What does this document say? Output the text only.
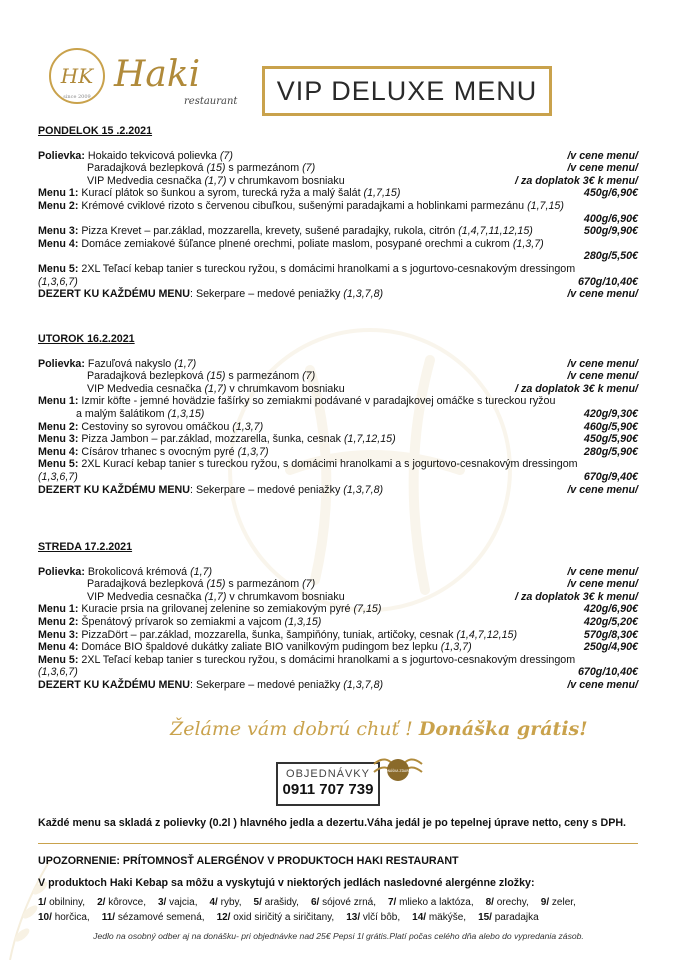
HK
since 2009
Haki
restaurant	VIP DELUXE MENU
PONDELOK 15 .2.2021
Polievka: Hokaido tekvicová polievka (7)	/v cene menu/
Paradajková bezlepková (15) s parmezánom (7)	/v cene menu/
VIP Medvedia cesnačka (1,7) v chrumkavom bosniaku	/ za doplatok 3€ k menu/
Menu 1: Kurací plátok so šunkou a syrom, turecká ryža a malý šalát (1,7,15)	450g/6,90€
Menu 2: Krémové cviklové rizoto s červenou cibuľkou, sušenými paradajkami a hoblinkami parmezánu (1,7,15)
400g/6,90€
Menu 3: Pizza Krevet – par.základ, mozzarella, krevety, sušené paradajky, rukola, citrón (1,4,7,11,12,15)	500g/9,90€
Menu 4: Domáce zemiakové šúľance plnené orechmi, poliate maslom, posypané orechmi a cukrom (1,3,7)
280g/5,50€
Menu 5: 2XL Teľací kebap tanier s tureckou ryžou, s domácimi hranolkami a s jogurtovo-cesnakovým dressingom
(1,3,6,7)	670g/10,40€
DEZERT KU KAŽDÉMU MENU: Sekerpare – medové peniažky (1,3,7,8)	/v cene menu/
UTOROK 16.2.2021
Polievka: Fazuľová nakyslo (1,7)	/v cene menu/
Paradajková bezlepková (15) s parmezánom (7)	/v cene menu/
VIP Medvedia cesnačka (1,7) v chrumkavom bosniaku	/ za doplatok 3€ k menu/
Menu 1: Izmir köfte - jemné hovädzie fašírky so zemiakmi podávané v paradajkovej omáčke s tureckou ryžou
a malým šalátikom (1,3,15)	420g/9,30€
Menu 2: Cestoviny so syrovou omáčkou (1,3,7)	460g/5,90€
Menu 3: Pizza Jambon – par.základ, mozzarella, šunka, cesnak (1,7,12,15)	450g/5,90€
Menu 4: Císárov trhanec s ovocným pyré (1,3,7)	280g/5,90€
Menu 5: 2XL Kurací kebap tanier s tureckou ryžou, s domácimi hranolkami a s jogurtovo-cesnakovým dressingom
(1,3,6,7)	670g/9,40€
DEZERT KU KAŽDÉMU MENU: Sekerpare – medové peniažky (1,3,7,8)	/v cene menu/
STREDA 17.2.2021
Polievka: Brokolicová krémová (1,7)	/v cene menu/
Paradajková bezlepková (15) s parmezánom (7)	/v cene menu/
VIP Medvedia cesnačka (1,7) v chrumkavom bosniaku	/ za doplatok 3€ k menu/
Menu 1: Kuracie prsia na grilovanej zelenine so zemiakovým pyré (7,15)	420g/6,90€
Menu 2: Špenátový prívarok so zemiakmi a vajcom (1,3,15)	420g/5,20€
Menu 3: PizzaDört – par.základ, mozzarella, šunka, šampiňóny, tuniak, artičoky, cesnak (1,4,7,12,15)	570g/8,30€
Menu 4: Domáce BIO špaldové dukátky zaliate BIO vanilkovým pudingom bez lepku (1,3,7)	250g/4,90€
Menu 5: 2XL Teľací kebap tanier s tureckou ryžou, s domácimi hranolkami a s jogurtovo-cesnakovým dressingom
(1,3,6,7)	670g/10,40€
DEZERT KU KAŽDÉMU MENU: Sekerpare – medové peniažky (1,3,7,8)	/v cene menu/
Želáme vám dobrú chuť ! Donáška grátis!
OBJEDNÁVKY
0911 707 739
DONÁŠKA ZDARMA
Každé menu sa skladá z polievky (0.2l ) hlavného jedla a dezertu.Váha jedál je po tepelnej úprave netto, ceny s DPH.
UPOZORNENIE: PRÍTOMNOSŤ ALERGÉNOV V PRODUKTOCH HAKI RESTAURANT
V produktoch Haki Kebap sa môžu a vyskytujú v niektorých jedlách nasledovné alergénne zložky:
1/ obilniny, 2/ kôrovce, 3/ vajcia, 4/ ryby, 5/ arašidy, 6/ sójové zrná, 7/ mlieko a laktóza, 8/ orechy, 9/ zeler,
10/ horčica, 11/ sézamové semená, 12/ oxid siričitý a siričitany, 13/ vlčí bôb, 14/ mäkýše, 15/ paradajka
Jedlo na osobný odber aj na donášku- pri objednávke nad 25€ Pepsi 1l grátis.Platí počas celého dňa alebo do vypredania zásob.
